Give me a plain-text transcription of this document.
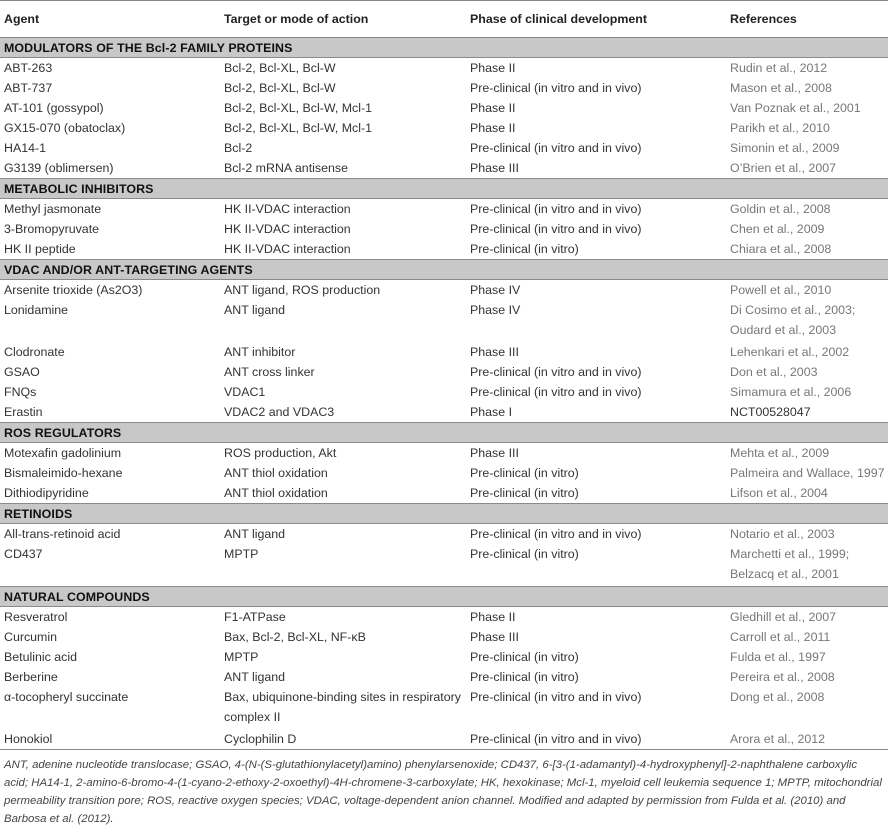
Agent	Target or mode of action	Phase of clinical development	References
MODULATORS OF THE Bcl-2 FAMILY PROTEINS			
ABT-263	Bcl-2, Bcl-XL, Bcl-W	Phase II	Rudin et al., 2012
ABT-737	Bcl-2, Bcl-XL, Bcl-W	Pre-clinical (in vitro and in vivo)	Mason et al., 2008
AT-101 (gossypol)	Bcl-2, Bcl-XL, Bcl-W, Mcl-1	Phase II	Van Poznak et al., 2001
GX15-070 (obatoclax)	Bcl-2, Bcl-XL, Bcl-W, Mcl-1	Phase II	Parikh et al., 2010
HA14-1	Bcl-2	Pre-clinical (in vitro and in vivo)	Simonin et al., 2009
G3139 (oblimersen)	Bcl-2 mRNA antisense	Phase III	O’Brien et al., 2007
METABOLIC INHIBITORS			
Methyl jasmonate	HK II-VDAC interaction	Pre-clinical (in vitro and in vivo)	Goldin et al., 2008
3-Bromopyruvate	HK II-VDAC interaction	Pre-clinical (in vitro and in vivo)	Chen et al., 2009
HK II peptide	HK II-VDAC interaction	Pre-clinical (in vitro)	Chiara et al., 2008
VDAC AND/OR ANT-TARGETING AGENTS			
Arsenite trioxide (As2O3)	ANT ligand, ROS production	Phase IV	Powell et al., 2010
Lonidamine	ANT ligand	Phase IV	Di Cosimo et al., 2003; Oudard et al., 2003
Clodronate	ANT inhibitor	Phase III	Lehenkari et al., 2002
GSAO	ANT cross linker	Pre-clinical (in vitro and in vivo)	Don et al., 2003
FNQs	VDAC1	Pre-clinical (in vitro and in vivo)	Simamura et al., 2006
Erastin	VDAC2 and VDAC3	Phase I	NCT00528047
ROS REGULATORS			
Motexafin gadolinium	ROS production, Akt	Phase III	Mehta et al., 2009
Bismaleimido-hexane	ANT thiol oxidation	Pre-clinical (in vitro)	Palmeira and Wallace, 1997
Dithiodipyridine	ANT thiol oxidation	Pre-clinical (in vitro)	Lifson et al., 2004
RETINOIDS			
All-trans-retinoid acid	ANT ligand	Pre-clinical (in vitro and in vivo)	Notario et al., 2003
CD437	MPTP	Pre-clinical (in vitro)	Marchetti et al., 1999; Belzacq et al., 2001
NATURAL COMPOUNDS			
Resveratrol	F1-ATPase	Phase II	Gledhill et al., 2007
Curcumin	Bax, Bcl-2, Bcl-XL, NF-κB	Phase III	Carroll et al., 2011
Betulinic acid	MPTP	Pre-clinical (in vitro)	Fulda et al., 1997
Berberine	ANT ligand	Pre-clinical (in vitro)	Pereira et al., 2008
α-tocopheryl succinate	Bax, ubiquinone-binding sites in respiratory complex II	Pre-clinical (in vitro and in vivo)	Dong et al., 2008
Honokiol	Cyclophilin D	Pre-clinical (in vitro and in vivo)	Arora et al., 2012
ANT, adenine nucleotide translocase; GSAO, 4-(N-(S-glutathionylacetyl)amino) phenylarsenoxide; CD437, 6-[3-(1-adamantyl)-4-hydroxyphenyl]-2-naphthalene carboxylic acid; HA14-1, 2-amino-6-bromo-4-(1-cyano-2-ethoxy-2-oxoethyl)-4H-chromene-3-carboxylate; HK, hexokinase; Mcl-1, myeloid cell leukemia sequence 1; MPTP, mitochondrial permeability transition pore; ROS, reactive oxygen species; VDAC, voltage-dependent anion channel. Modified and adapted by permission from Fulda et al. (2010) and Barbosa et al. (2012).
